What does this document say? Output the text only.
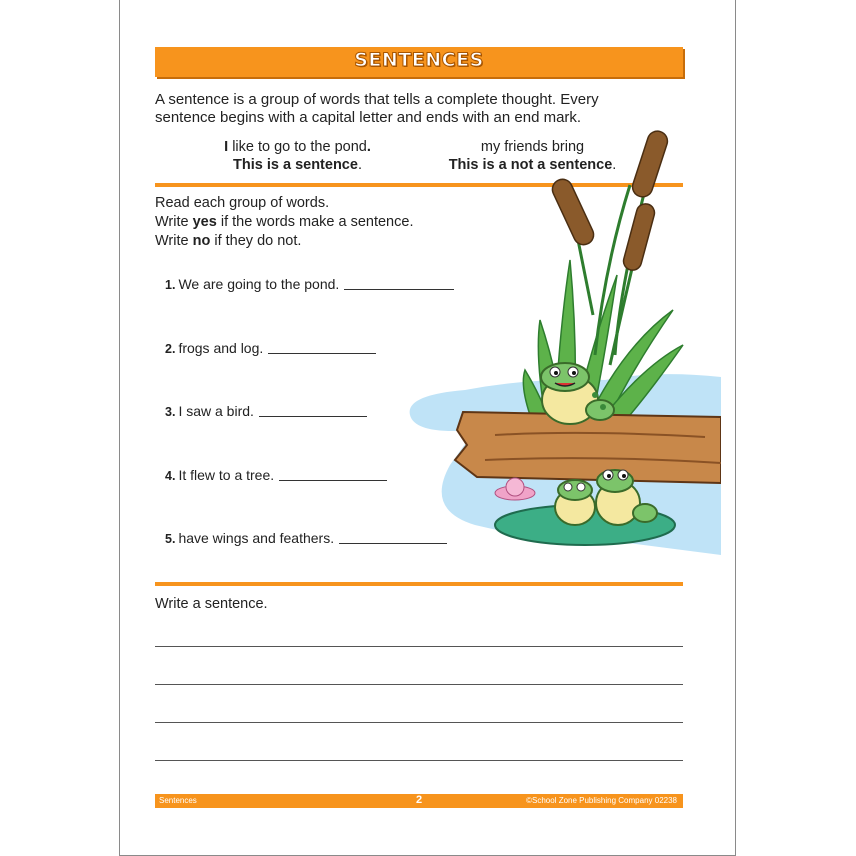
SENTENCES
A sentence is a group of words that tells a complete thought. Every sentence begins with a capital letter and ends with an end mark.
I like to go to the pond.
This is a sentence.
my friends bring
This is a not a sentence.
Read each group of words.
Write yes if the words make a sentence.
Write no if they do not.
1. We are going to the pond.
2. frogs and log.
3. I saw a bird.
4. It flew to a tree.
5. have wings and feathers.
Write a sentence.
Sentences	2	©School Zone Publishing Company 02238
